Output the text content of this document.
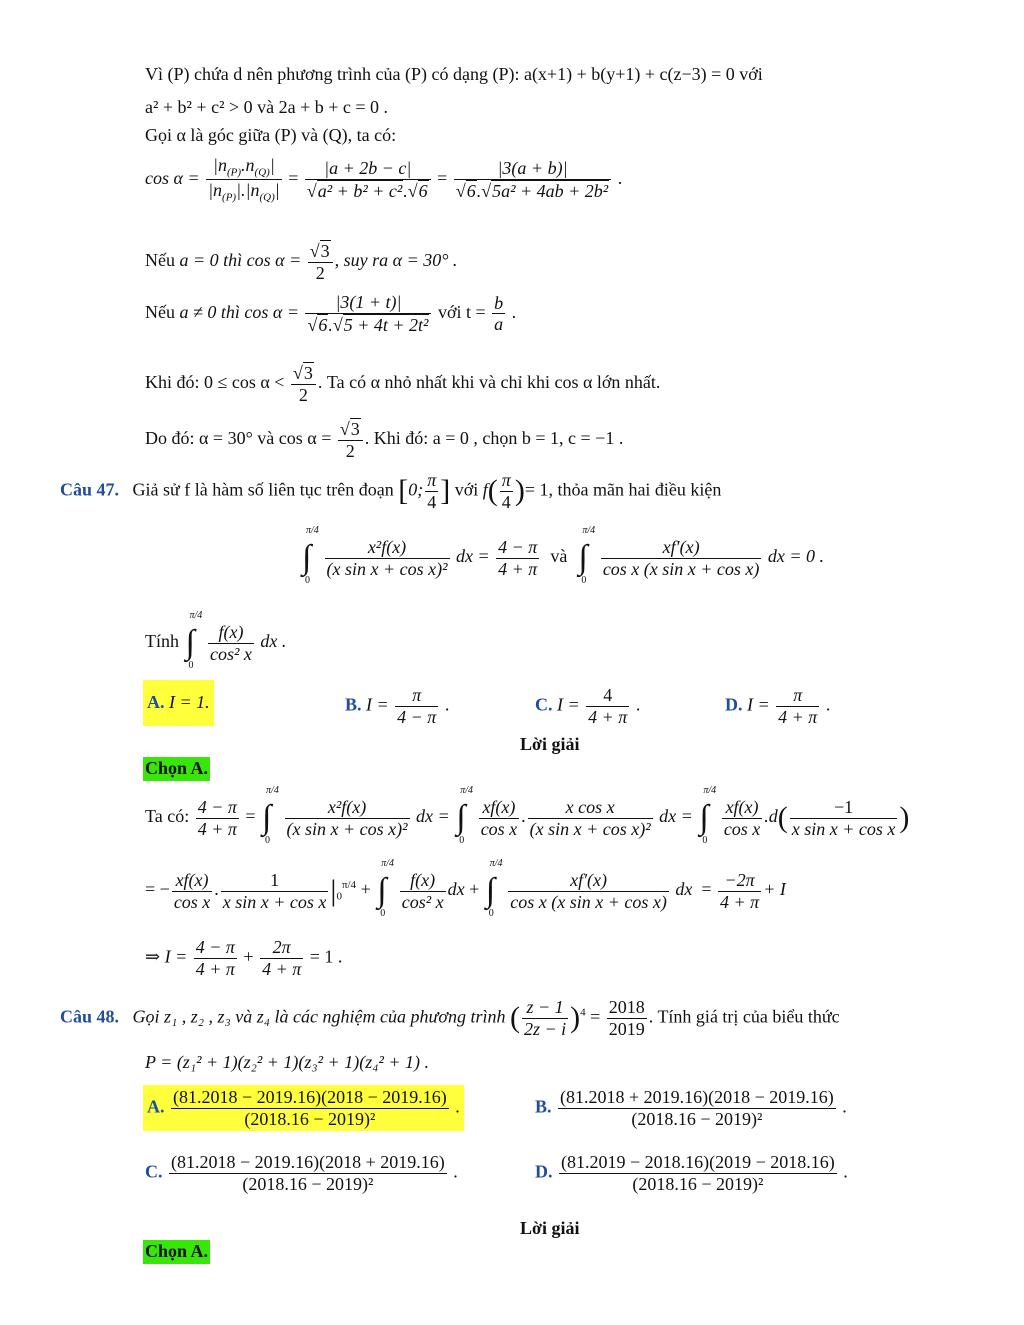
Vì (P) chứa d nên phương trình của (P) có dạng (P): a(x+1) + b(y+1) + c(z−3) = 0 với
a² + b² + c² > 0 và 2a + b + c = 0 .
Gọi α là góc giữa (P) và (Q), ta có:
$\cos \alpha = \frac{|n_{(P)}.n_{(Q)}|}{|n_{(P)}|.|n_{(Q)}|} = \frac{|a + 2b - c|}{\text{√a² + b² + c².√6}} = \frac{|3(a + b)|}{\text{√6.√5a² + 4ab + 2b²}}$ .
Nếu a = 0 thì $\cos \alpha = \frac{√3}{2}$ , suy ra α = 30° .
Nếu a ≠ 0 thì $\cos \alpha = \frac{|3(1 + t)|}{\text{√6.√5 + 4t + 2t²}}$ với $t = \frac{b}{a}$ .
Khi đó: $0 \le \cos \alpha < \frac{√3}{2}$ . Ta có α nhỏ nhất khi và chỉ khi cos α lớn nhất.
Do đó: α = 30° và $\cos \alpha = \frac{√3}{2}$ . Khi đó: a = 0 , chọn b = 1, c = −1 .
Câu 47. Giả sử f là hàm số liên tục trên đoạn [0; $\frac{\pi}{4}$ ] với $f( \frac{\pi}{4}$ )= 1, thỏa mãn hai điều kiện
π/4
∫
0

$\frac{\text{x²f(x)}}{\text{(x sin x + cos x)²}}$ dx = $\frac{4 - \pi}{4 + \pi}$ và
π/4
∫
0

$\frac{xf'(x)}{\text{cos x (x sin x + cos x)}}$ dx = 0 .
Tính
π/4
∫
0

$\frac{f(x)}{\text{cos² x}}$ dx .
A. I = 1.	B. $I = \frac{\pi}{4 - \pi}$ .	C. $I = \frac{4}{4 + \pi}$ .	D. $I = \frac{\pi}{4 + \pi}$ .
Lời giải
Chọn A.
Ta có: $\frac{4 - \pi}{4 + \pi}$ =
π/4
∫
0

$\frac{\text{x²f(x)}}{\text{(x sin x + cos x)²}}$ dx =
π/4
∫
0

$\frac{xf(x)}{\text{cos x}}$ . $\frac{\text{x cos x}}{\text{(x sin x + cos x)²}}$ dx =
π/4
∫
0

$\frac{xf(x)}{\text{cos x}} .d( \frac{-1}{\text{x sin x + cos x}}$ )
= − $\frac{xf(x)}{\text{cos x}}$ . $\frac{1}{\text{x sin x + cos x}} |_0^{\pi/4}$ +
π/4
∫
0

$\frac{f(x)}{\text{cos² x}}$ dx +
π/4
∫
0

$\frac{xf'(x)}{\text{cos x (x sin x + cos x)}}$ dx  = $\frac{-2\pi}{4 + \pi} + I$
⇒ $I = \frac{4 - \pi}{4 + \pi} + \frac{2\pi}{4 + \pi} = 1$ .
Câu 48. Gọi z₁ , z₂ , z₃ và z₄ là các nghiệm của phương trình ( $\frac{z - 1}{2z - i} )^4 = \frac{2018}{2019}$ . Tính giá trị của biểu thức
P = (z₁² + 1)(z₂² + 1)(z₃² + 1)(z₄² + 1) .
A. $\frac{(81.2018 - 2019.16)(2018 - 2019.16)}{\text{(2018.16 − 2019)²}}$ .	B. $\frac{(81.2018 + 2019.16)(2018 - 2019.16)}{\text{(2018.16 − 2019)²}}$ .
C. $\frac{(81.2018 - 2019.16)(2018 + 2019.16)}{\text{(2018.16 − 2019)²}}$ .	D. $\frac{(81.2019 - 2018.16)(2019 - 2018.16)}{\text{(2018.16 − 2019)²}}$ .
Lời giải
Chọn A.
